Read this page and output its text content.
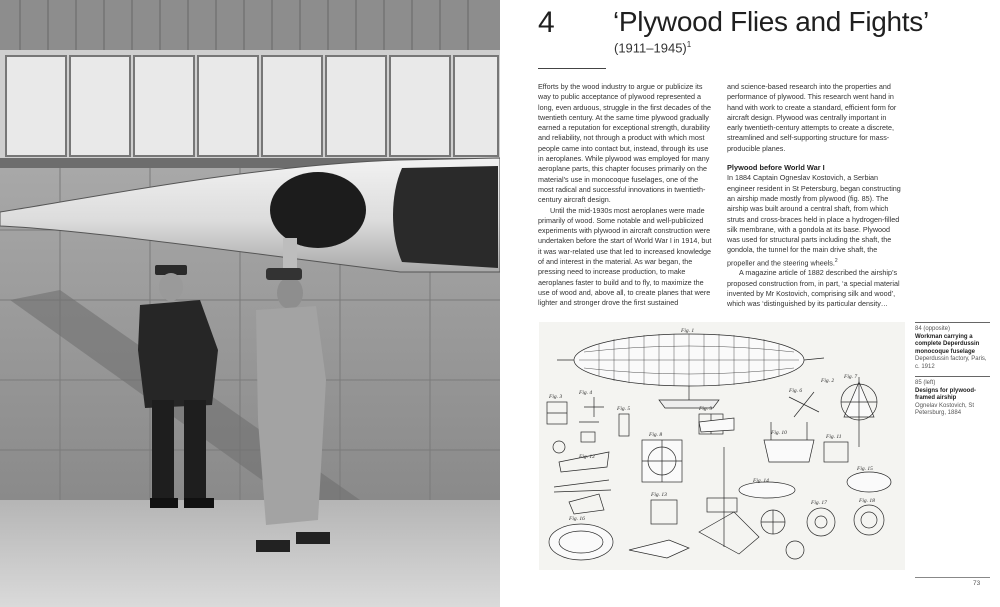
4 ‘Plywood Flies and Fights’
(1911–1945)$^1$

Efforts by the wood industry to argue or publicize its way to public acceptance of plywood represented a long, even arduous, struggle in the first decades of the twentieth century. At the same time plywood gradually earned a reputation for exceptional strength, durability and reliability, not through a product with which most people came into contact but, instead, through its use in aeroplanes. While plywood was employed for many aeroplane parts, this chapter focuses primarily on the material’s use in monocoque fuselages, one of the most radical and successful innovations in twentieth-century aircraft design.

Until the mid-1930s most aeroplanes were made primarily of wood. Some notable and well-publicized experiments with plywood in aircraft construction were undertaken before the start of World War I in 1914, but it was war-related use that led to increased knowledge of and interest in the material. As war began, the pressing need to increase production, to make aeroplanes faster to build and to fly, to maximize the use of wood and, above all, to create planes that were lighter and stronger drove the first sustained

and science-based research into the properties and performance of plywood. This research went hand in hand with work to create a standard, efficient form for aircraft design. Plywood was centrally important in early twentieth-century attempts to create a discrete, streamlined and self-supporting structure for mass-producible planes.

Plywood before World War I

In 1884 Captain Ogneslav Kostovich, a Serbian engineer resident in St Petersburg, began constructing an airship made mostly from plywood (fig. 85). The airship was built around a central shaft, from which struts and cross-braces held in place a hydrogen-filled silk membrane, with a gondola at its base. Plywood was used for structural parts including the shaft, the gondola, the tunnel for the main drive shaft, the propeller and the steering wheels.$^2$

A magazine article of 1882 described the airship’s proposed construction from, in part, ‘a special material invented by Mr Kostovich, comprising silk and wood’, which was ‘distinguished by its particular density…

Fig. 1
Fig. 2
Fig. 3
Fig. 4
Fig. 5
Fig. 6
Fig. 7
Fig. 8
Fig. 9
Fig. 10
Fig. 11
Fig. 12
Fig. 13
Fig. 14
Fig. 15
Fig. 16
Fig. 17	Fig. 18
84 (opposite)
Workman carrying a complete Deperdussin monocoque fuselage
Deperdussin factory, Paris, c. 1912
85 (left)
Designs for plywood-framed airship
Ognelav Kostovich, St Petersburg, 1884
73
